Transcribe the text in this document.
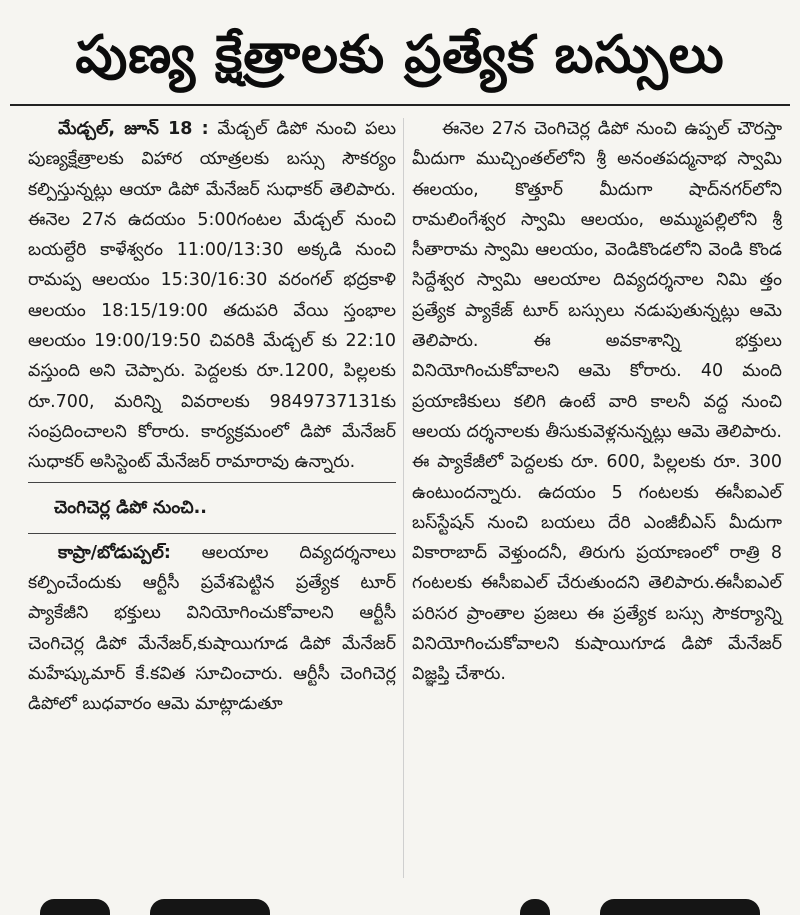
పుణ్య క్షేత్రాలకు ప్రత్యేక బస్సులు

మేడ్చల్, జూన్ 18 : మేడ్చల్ డిపో నుంచి పలు పుణ్యక్షేత్రాలకు విహార యాత్రలకు బస్సు సౌకర్యం కల్పిస్తున్నట్లు ఆయా డిపో మేనేజర్ సుధాకర్ తెలిపారు. ఈనెల 27న ఉదయం 5:00గంటల మేడ్చల్ నుంచి బయల్దేరి కాళేశ్వరం 11:00/13:30 అక్కడి నుంచి రామప్ప ఆలయం 15:30/16:30 వరంగల్ భద్రకాళి ఆలయం 18:15/19:00 తదుపరి వేయి స్తంభాల ఆలయం 19:00/19:50 చివరికి మేడ్చల్ కు 22:10 వస్తుంది అని చెప్పారు. పెద్దలకు రూ.1200, పిల్లలకు రూ.700, మరిన్ని వివరాలకు 9849737131కు సంప్రదించాలని కోరారు. కార్యక్రమంలో డిపో మేనేజర్ సుధాకర్ అసిస్టెంట్ మేనేజర్ రామారావు ఉన్నారు.

చెంగిచెర్ల డిపో నుంచి..

కాప్రా/బోడుప్పల్: ఆలయాల దివ్యదర్శనాలు కల్పించేందుకు ఆర్టీసీ ప్రవేశపెట్టిన ప్రత్యేక టూర్ ప్యాకేజీని భక్తులు వినియోగించుకోవాలని ఆర్టీసీ చెంగిచెర్ల డిపో మేనేజర్,కుషాయిగూడ డిపో మేనేజర్ మహేష్కుమార్ కే.కవిత సూచించారు. ఆర్టీసీ చెంగిచెర్ల డిపోలో బుధవారం ఆమె మాట్లాడుతూ

ఈనెల 27న చెంగిచెర్ల డిపో నుంచి ఉప్పల్ చౌరస్తా మీదుగా ముచ్చింతల్‌లోని శ్రీ అనంతపద్మనాభ స్వామి ఈలయం, కొత్తూర్ మీదుగా షాద్‌నగర్‌లోని రామలింగేశ్వర స్వామి ఆలయం, అమ్ముపల్లిలోని శ్రీ సీతారామ స్వామి ఆలయం, వెండికొండలోని వెండి కొండ సిద్దేశ్వర స్వామి ఆలయాల దివ్యదర్శనాల నిమి త్తం ప్రత్యేక ప్యాకేజ్ టూర్ బస్సులు నడుపుతున్నట్లు ఆమె తెలిపారు. ఈ అవకాశాన్ని భక్తులు వినియోగించుకోవాలని ఆమె కోరారు. 40 మంది ప్రయాణికులు కలిగి ఉంటే వారి కాలనీ వద్ద నుంచి ఆలయ దర్శనాలకు తీసుకువెళ్లనున్నట్లు ఆమె తెలిపారు. ఈ ప్యాకేజీలో పెద్దలకు రూ. 600, పిల్లలకు రూ. 300 ఉంటుందన్నారు. ఉదయం 5 గంటలకు ఈసీఐఎల్ బస్‌స్టేషన్ నుంచి బయలు దేరి ఎంజీబీఎస్ మీదుగా వికారాబాద్ వెళ్తుందనీ, తిరుగు ప్రయాణంలో రాత్రి 8 గంటలకు ఈసీఐఎల్ చేరుతుందని తెలిపారు.ఈసీఐఎల్ పరిసర ప్రాంతాల ప్రజలు ఈ ప్రత్యేక బస్సు సౌకర్యాన్ని వినియోగించుకోవాలని కుషాయిగూడ డిపో మేనేజర్ విజ్ఞప్తి చేశారు.
